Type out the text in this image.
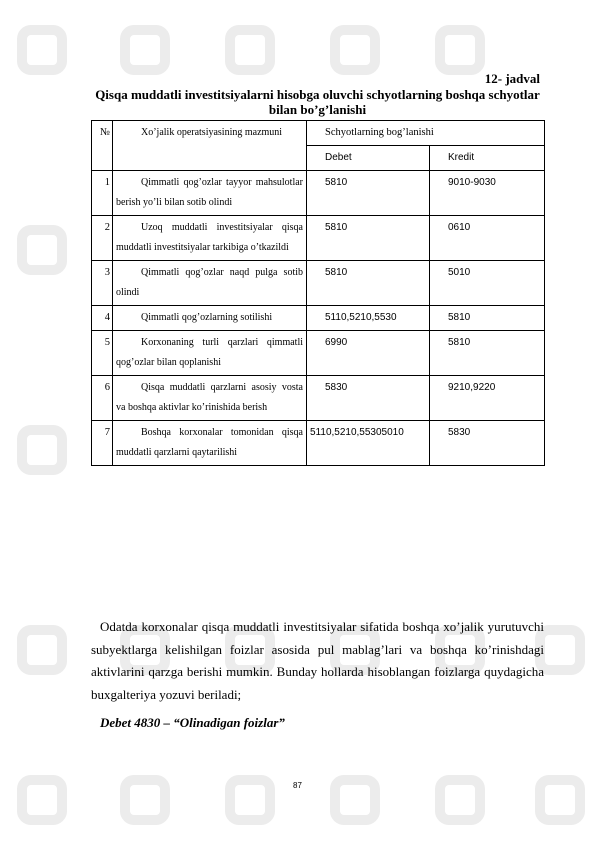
12- jadval
Qisqa muddatli investitsiyalarni hisobga oluvchi schyotlarning boshqa schyotlar bilan bo’g’lanishi
№	Xo’jalik operatsiyasining mazmuni	Schyotlarning bog’lanishi	
		Debet	Kredit
1	Qimmatli qog’ozlar tayyor mahsulotlar berish yo’li bilan sotib olindi	5810	9010-9030
2	Uzoq muddatli investitsiyalar qisqa muddatli investitsiyalar tarkibiga o’tkazildi	5810	0610
3	Qimmatli qog’ozlar naqd pulga sotib olindi	5810	5010
4	Qimmatli qog’ozlarning sotilishi	5110,5210,5530	5810
5	Korxonaning turli qarzlari qimmatli qog’ozlar bilan qoplanishi	6990	5810
6	Qisqa muddatli qarzlarni asosiy vosta va boshqa aktivlar ko’rinishida berish	5830	9210,9220
7	Boshqa korxonalar tomonidan qisqa muddatli qarzlarni qaytarilishi	5110,5210,55305010	5830
Odatda korxonalar qisqa muddatli investitsiyalar sifatida boshqa xo’jalik yurutuvchi subyektlarga kelishilgan foizlar asosida pul mablag’lari va boshqa ko’rinishdagi aktivlarini qarzga berishi mumkin. Bunday hollarda hisoblangan foizlarga quydagicha buxgalteriya yozuvi beriladi;
Debet 4830 – “Olinadigan foizlar”
87
